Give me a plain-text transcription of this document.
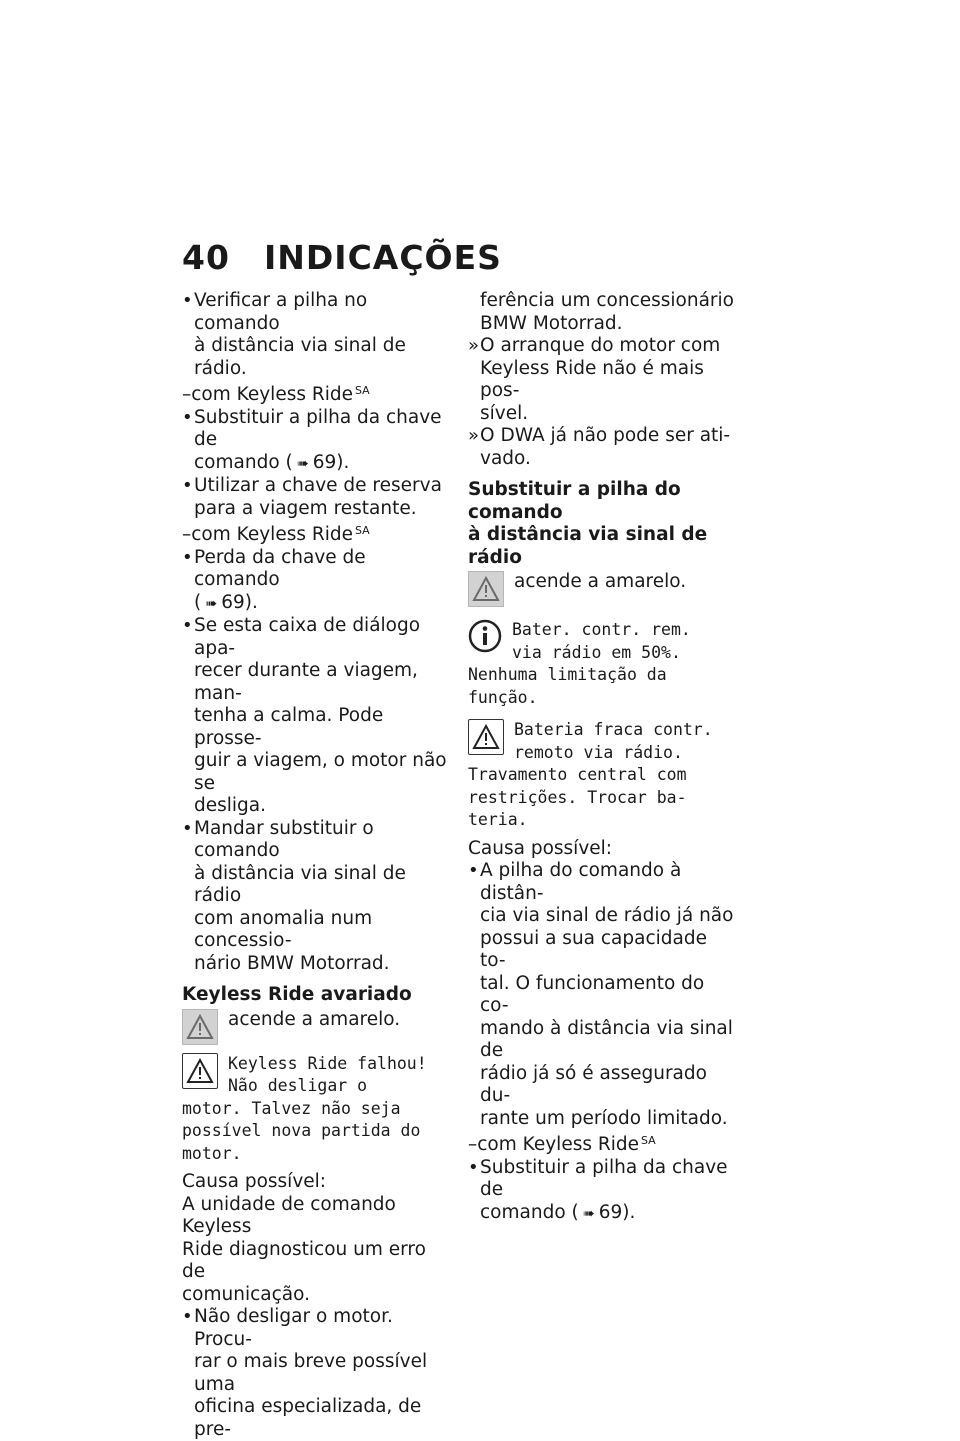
40	INDICAÇÕES
• Verificar a pilha no comando
à distância via sinal de rádio.
–com Keyless Ride $^{SA}$
• Substituir a pilha da chave de
comando ( ➠ 69).
• Utilizar a chave de reserva
para a viagem restante.
–com Keyless Ride $^{SA}$
• Perda da chave de comando
( ➠ 69).
• Se esta caixa de diálogo apa-
recer durante a viagem, man-
tenha a calma. Pode prosse-
guir a viagem, o motor não se
desliga.
• Mandar substituir o comando
à distância via sinal de rádio
com anomalia num concessio-
nário BMW Motorrad.
Keyless Ride avariado
acende a amarelo.
Keyless Ride falhou!
Não desligar o
motor. Talvez não seja
possível nova partida do
motor.
Causa possível:
A unidade de comando Keyless
Ride diagnosticou um erro de
comunicação.
• Não desligar o motor. Procu-
rar o mais breve possível uma
oficina especializada, de pre-
ferência um concessionário
BMW Motorrad.
» O arranque do motor com
Keyless Ride não é mais pos-
sível.
» O DWA já não pode ser ati-
vado.
Substituir a pilha do comando
à distância via sinal de rádio
acende a amarelo.
Bater. contr. rem.
via rádio em 50%.
Nenhuma limitação da
função.
Bateria fraca contr.
remoto via rádio.
Travamento central com
restrições. Trocar ba-
teria.
Causa possível:
• A pilha do comando à distân-
cia via sinal de rádio já não
possui a sua capacidade to-
tal. O funcionamento do co-
mando à distância via sinal de
rádio já só é assegurado du-
rante um período limitado.
–com Keyless Ride $^{SA}$
• Substituir a pilha da chave de
comando ( ➠ 69).
